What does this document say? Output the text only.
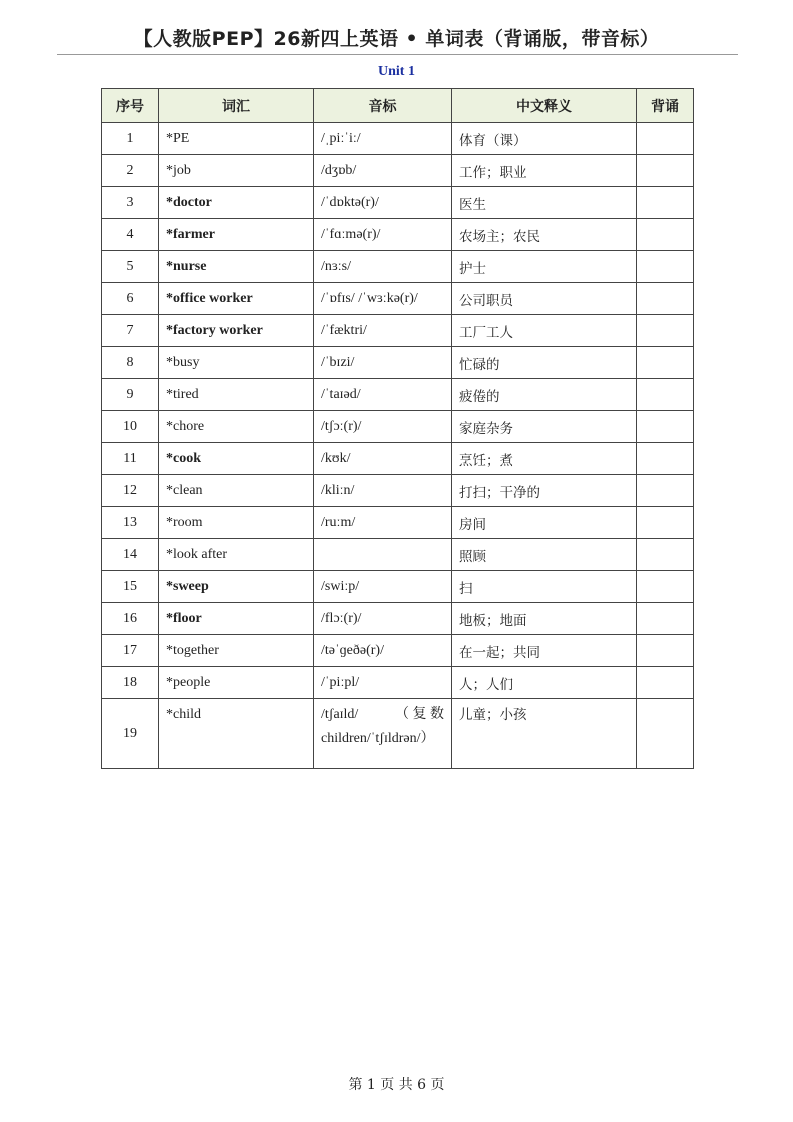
【人教版PEP】26新四上英语 • 单词表（背诵版，带音标）
Unit 1
序号	词汇	音标	中文释义	背诵
1	*PE	/ˌpiːˈiː/	体育（课）	
2	*job	/dʒɒb/	工作；职业	
3	*doctor	/ˈdɒktə(r)/	医生	
4	*farmer	/ˈfɑːmə(r)/	农场主；农民	
5	*nurse	/nɜːs/	护士	
6	*office worker	/ˈɒfɪs/ /ˈwɜːkə(r)/	公司职员	
7	*factory worker	/ˈfæktri/	工厂工人	
8	*busy	/ˈbɪzi/	忙碌的	
9	*tired	/ˈtaɪəd/	疲倦的	
10	*chore	/tʃɔː(r)/	家庭杂务	
11	*cook	/kʊk/	烹饪；煮	
12	*clean	/kliːn/	打扫；干净的	
13	*room	/ruːm/	房间	
14	*look after		照顾	
15	*sweep	/swiːp/	扫	
16	*floor	/flɔː(r)/	地板；地面	
17	*together	/təˈɡeðə(r)/	在一起；共同	
18	*people	/ˈpiːpl/	人；人们	
19	*child	/tʃaɪld/ （ 复 数
children/ˈtʃɪldrən/）	儿童；小孩	
第 1 页 共 6 页
